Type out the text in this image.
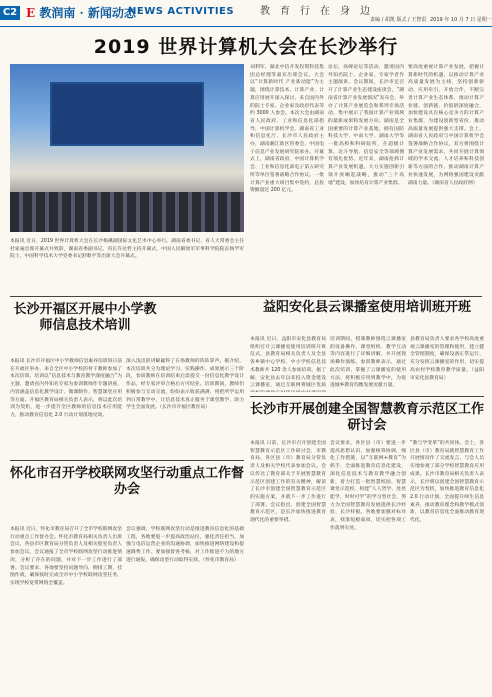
C2 E 教润南 · 新闻动态
NEWS ACTIVITIES	教育行在身边
责编 / 胡凯 版式 / 王智雷 2019 年 10 月 7 日 星期一
2019 世界计算机大会在长沙举行
本报讯 近日，2019 世界计算机大会在长沙梅溪湖国际文化艺术中心举行。湖南省委书记、省人大常委会主任杜家毫出席开幕式并致辞，湖南省委副书记、省长许达哲主持开幕式，中国人民解放军军事科学院院长杨学军院士、中国科学技术大学党委书记舒歌平等出席大会开幕式。
刘利军、湖北中信开发投资科技集团总经理等嘉宾出席会议。大会以“计算新时代 产业新动能”为主题，围绕计算技术、计算产业、计算应用展开深入探讨，来自国内外的院士专家、企业家及政府代表等约 3000 人参会。本次大会由湖南省人民政府、工业和信息化部指导，中国计算机学会、湖南省工业和信息化厅、长沙市人民政府主办，湖南湘江新区管委会、中国电子信息产业发展研究院承办。开幕式上，湖南省政府、中国计算机学会、工业和信息化部电子第五研究所等单位签署战略合作协议。一批计算产业重大项目集中签约，总投资额超过 200 亿元。
论坛、高峰论坛等活动，邀请国内外知名院士、企业家、专家学者作主题演讲。会议期间，长沙市还召开了计算产业生态建设座谈会，“湖南省计算产业发展情况”发布会，举办了计算产业展览会和系列专场活动，集中展示了我国计算产业领域的最新成果和发展方向。湖南是全国重要的计算产业基地，拥有国防科技大学、中南大学、湖南大学等一批高校和科研院所，在超级计算、北斗导航、信息安全等领域拥有领先优势。近年来，湖南抢抓计算产业发展机遇，大力实施创新引领开放崛起战略，推动“三个高地”建设，加快培育计算产业集群。
要高度重视计算产业发展，把握计算新时代的机遇，以推动计算产业高质量发展为主线，坚持创新驱动、应用牵引、开放合作，不断完善计算产业生态体系，推动计算产业链、创新链、价值链深度融合，加快建设具有核心竞争力的计算产业集群，为建设创新型省份、推动高质量发展提供强大支撑。会上，湖南省人民政府与中国计算机学会签署战略合作协议，双方将围绕计算产业发展需求，共同开展计算领域的学术交流、人才培养和科技创新等方面的合作，推动湖南计算产业快速发展，为网络强国建设贡献湖南力量。（湖南省人民政府网）
长沙开福区开展中小学教师信息技术培训
本报讯 长沙市开福区中小学教师信息素养培训班日前在开福区举办，来自全区中小学校的骨干教师参加了本次培训。培训以“信息技术与教育教学深度融合”为主题，邀请省内外知名专家为参训教师作专题讲座，内容涵盖信息化教学设计、微课制作、智慧课堂应用等方面。开福区教育局相关负责人表示，将以此次培训为契机，进一步提升全区教师的信息技术应用能力，推动教育信息化 2.0 行动计划落地见效。
深入浅出的讲解赢得了在场教师的阵阵掌声。据介绍，本次培训共分为理论学习、实践操作、成果展示三个阶段，参训教师在培训结束后需提交一份信息化教学设计作品，经专家评审合格后方可结业。培训期间，教师们积极参与互动交流，纷纷表示收获满满，将把所学运用到日常教学中，让信息技术真正服务于课堂教学，助力学生全面发展。（长沙市开福区教育局）
益阳安化县云课播室使用培训班开班
本报讯 近日，益阳市安化县教育局组织召开云课播室使用培训班开班仪式，县教育局相关负责人及全县各乡镇中心学校、中小学校信息技术教师共 120 余人参加培训。据了解，安化县去年以来投入资金建设云课播室，通过互联网将城区优质
培训期间，授课教师围绕云课播室的设备操作、课堂组织、教学互动等内容进行了详细讲解，并开展现场操作演练。参训教师表示，通过此次培训，掌握了云课播室的使用方法，将积极应用到教学中，为促进城乡教育均衡发展贡献力量。
县教育局负责人要求各学校高度重视云课播室的管理和使用，建立健全管理制度，确保设备正常运行，充分发挥云课播室的作用，切实提高农村学校教育教学质量。（益阳市安化县教育局）
长沙市开展创建全国智慧教育示范区工作研讨会
本报讯 日前，长沙市召开创建全国智慧教育示范区工作研讨会，市教育局、各区县（市）教育局分管负责人及相关学校代表参加会议。会议传达了教育部关于开展智慧教育示范区创建工作的有关精神，解读了长沙市创建全国智慧教育示范区的实施方案，并就下一步工作进行了部署。会议指出，创建全国智慧教育示范区，是长沙加快推进教育现代化的重要举措。
会议要求，各区县（市）要进一步提高思想认识，加强统筹协调，细化工作措施，以“互联网+教育”为抓手，全面推进教育信息化建设，深化信息技术与教育教学融合创新，着力打造一批智慧校园、智慧课堂示范校，构建“人人皆学、处处能学、时时可学”的学习型社会，努力为全国智慧教育发展提供长沙经验、长沙样板。各地要加强对标对表，找准短板弱项，切实把各项工作落到实处。
“教与学变革”的共同体。会上，各区县（市）教育局就智慧教育工作开展情况作了交流发言，与会人员实地参观了部分学校智慧教育应用成果。长沙市教育局相关负责人表示，长沙将以创建全国智慧教育示范区为契机，加快推进教育信息化 2.0 行动计划，全面提升师生信息素养，推动教育理念和教学模式创新，以教育信息化全面推动教育现代化。
怀化市召开学校联网攻坚行动重点工作督办会
本报讯 近日，怀化市教育局召开了全市学校联网攻坚行动重点工作督办会。怀化市教育局相关负责人出席会议，各县市区教育局分管负责人及相关股室负责人参加会议。会议通报了全市学校联网攻坚行动推进情况，分析了存在的问题，并对下一步工作进行了部署。会议要求，各地要坚持问题导向，倒排工期，挂图作战，确保按时完成全市中小学校联网攻坚任务，实现学校宽带网络全覆盖。
会议强调，学校联网攻坚行动是推进教育信息化的基础工程，各地要进一步提高政治站位，强化责任担当，加强与电信运营企业的沟通协调，加快推进网络建设和提速降费工作。要加强督查考核，对工作推进不力的地方进行通报，确保攻坚行动取得实效。（怀化市教育局）
